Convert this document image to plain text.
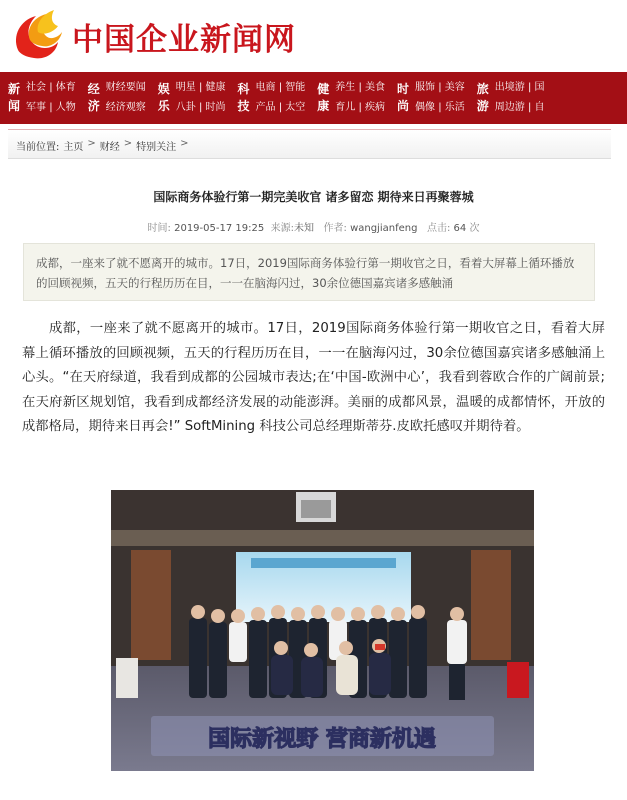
中国企业新闻网
新
闻
社会 | 体育
军事 | 人物
经
济
财经要闻
经济观察
娱
乐
明星 | 健康
八卦 | 时尚
科
技
电商 | 智能
产品 | 太空
健
康
养生 | 美食
育儿 | 疾病
时
尚
服饰 | 美容
偶像 | 乐活
旅
游
出境游 | 国
周边游 | 自
当前位置: 主页 > 财经 > 特别关注 >
国际商务体验行第一期完美收官 诸多留恋 期待来日再聚蓉城
时间: 2019-05-17 19:25 来源:未知 作者: wangjianfeng 点击: 64 次
成都，一座来了就不愿离开的城市。17日，2019国际商务体验行第一期收官之日，看着大屏幕上循环播放的回顾视频，五天的行程历历在目，一一在脑海闪过，30余位德国嘉宾诸多感触涌
成都，一座来了就不愿离开的城市。17日，2019国际商务体验行第一期收官之日，看着大屏幕上循环播放的回顾视频，五天的行程历历在目，一一在脑海闪过，30余位德国嘉宾诸多感触涌上心头。“在天府绿道，我看到成都的公园城市表达;在‘中国-欧洲中心’，我看到蓉欧合作的广阔前景;在天府新区规划馆，我看到成都经济发展的动能澎湃。美丽的成都风景，温暖的成都情怀，开放的成都格局，期待来日再会!” SoftMining 科技公司总经理斯蒂芬.皮欧托感叹并期待着。
国际新视野 营商新机遇
